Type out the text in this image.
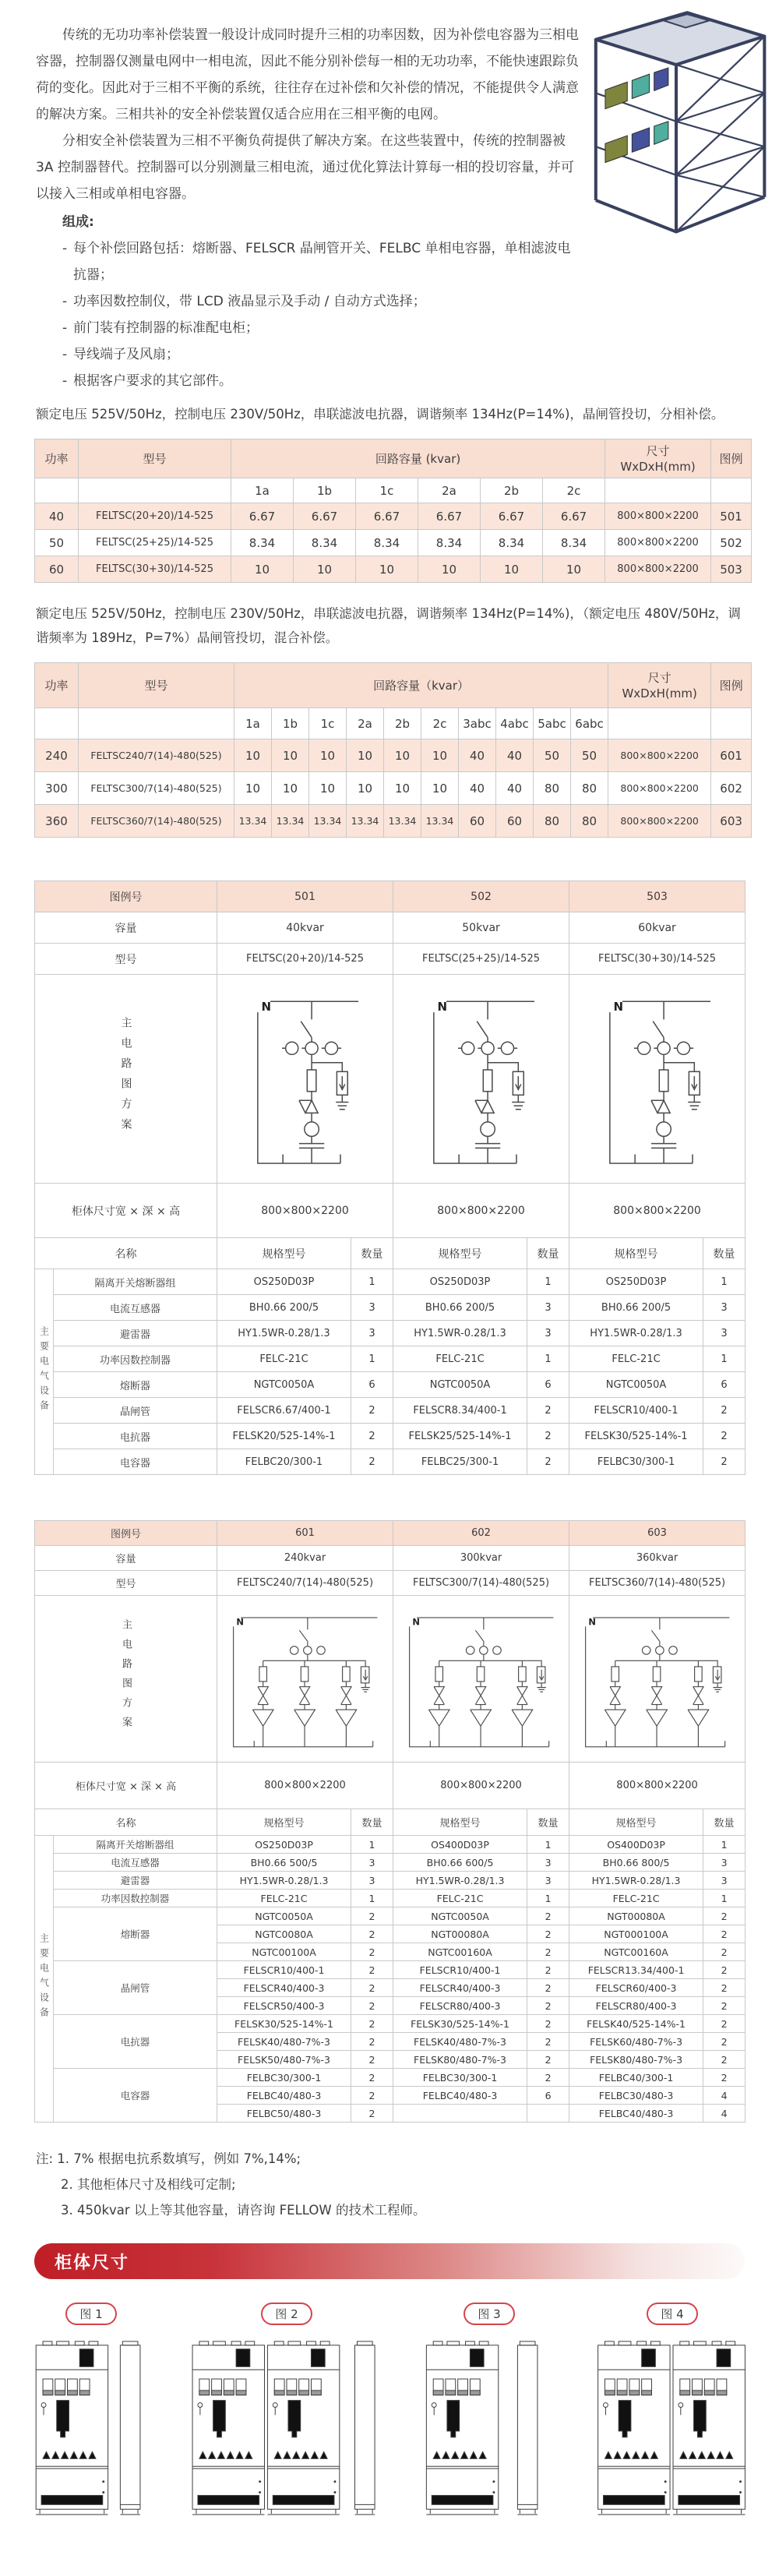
传统的无功功率补偿装置一般设计成同时提升三相的功率因数，因为补偿电容器为三相电容器，控制器仅测量电网中一相电流，因此不能分别补偿每一相的无功功率，不能快速跟踪负荷的变化。因此对于三相不平衡的系统，往往存在过补偿和欠补偿的情况，不能提供令人满意的解决方案。三相共补的安全补偿装置仅适合应用在三相平衡的电网。

分相安全补偿装置为三相不平衡负荷提供了解决方案。在这些装置中，传统的控制器被 3A 控制器替代。控制器可以分别测量三相电流，通过优化算法计算每一相的投切容量，并可以接入三相或单相电容器。

组成:
- 每个补偿回路包括：熔断器、FELSCR 晶闸管开关、FELBC 单相电容器，单相滤波电抗器；
- 功率因数控制仪，带 LCD 液晶显示及手动 / 自动方式选择；
- 前门装有控制器的标准配电柜；
- 导线端子及风扇；
- 根据客户要求的其它部件。
额定电压 525V/50Hz，控制电压 230V/50Hz，串联滤波电抗器，调谐频率 134Hz(P=14%)，晶闸管投切，分相补偿。
功率	型号	回路容量 (kvar)						尺寸
WxDxH(mm)	图例
		1a	1b	1c	2a	2b	2c		
40	FELTSC(20+20)/14-525	6.67	6.67	6.67	6.67	6.67	6.67	800×800×2200	501
50	FELTSC(25+25)/14-525	8.34	8.34	8.34	8.34	8.34	8.34	800×800×2200	502
60	FELTSC(30+30)/14-525	10	10	10	10	10	10	800×800×2200	503
额定电压 525V/50Hz，控制电压 230V/50Hz，串联滤波电抗器，调谐频率 134Hz(P=14%)，（额定电压 480V/50Hz，调谐频率为 189Hz，P=7%）晶闸管投切，混合补偿。
功率	型号	回路容量（kvar）										尺寸
WxDxH(mm)	图例
		1a	1b	1c	2a	2b	2c	3abc	4abc	5abc	6abc		
240	FELTSC240/7(14)-480(525)	10	10	10	10	10	10	40	40	50	50	800×800×2200	601
300	FELTSC300/7(14)-480(525)	10	10	10	10	10	10	40	40	80	80	800×800×2200	602
360	FELTSC360/7(14)-480(525)	13.34	13.34	13.34	13.34	13.34	13.34	60	60	80	80	800×800×2200	603
图例号		501		502		503	
容量		40kvar		50kvar		60kvar	
型号		FELTSC(20+20)/14-525		FELTSC(25+25)/14-525		FELTSC(30+30)/14-525	
主电路图方案	

柜体尺寸宽 × 深 × 高		800×800×2200		800×800×2200		800×800×2200	
名称		规格型号	数量	规格型号	数量	规格型号	数量
主要电气设备	隔离开关熔断器组	OS250D03P	1	OS250D03P	1	OS250D03P	1
	电流互感器	BH0.66 200/5	3	BH0.66 200/5	3	BH0.66 200/5	3
	避雷器	HY1.5WR-0.28/1.3	3	HY1.5WR-0.28/1.3	3	HY1.5WR-0.28/1.3	3
	功率因数控制器	FELC-21C	1	FELC-21C	1	FELC-21C	1
	熔断器	NGTC0050A	6	NGTC0050A	6	NGTC0050A	6
	晶闸管	FELSCR6.67/400-1	2	FELSCR8.34/400-1	2	FELSCR10/400-1	2
	电抗器	FELSK20/525-14%-1	2	FELSK25/525-14%-1	2	FELSK30/525-14%-1	2
	电容器	FELBC20/300-1	2	FELBC25/300-1	2	FELBC30/300-1	2
图例号		601		602		603	
容量		240kvar		300kvar		360kvar	
型号		FELTSC240/7(14)-480(525)		FELTSC300/7(14)-480(525)		FELTSC360/7(14)-480(525)	
主电路图方案	

柜体尺寸宽 × 深 × 高		800×800×2200		800×800×2200		800×800×2200	
名称		规格型号	数量	规格型号	数量	规格型号	数量
主要电气设备	隔离开关熔断器组	OS250D03P	1	OS400D03P	1	OS400D03P	1
	电流互感器	BH0.66 500/5	3	BH0.66 600/5	3	BH0.66 800/5	3
	避雷器	HY1.5WR-0.28/1.3	3	HY1.5WR-0.28/1.3	3	HY1.5WR-0.28/1.3	3
	功率因数控制器	FELC-21C	1	FELC-21C	1	FELC-21C	1
	熔断器	NGTC0050A	2	NGTC0050A	2	NGT00080A	2
		NGTC0080A	2	NGT00080A	2	NGT000100A	2
		NGTC00100A	2	NGTC00160A	2	NGTC00160A	2
	晶闸管	FELSCR10/400-1	2	FELSCR10/400-1	2	FELSCR13.34/400-1	2
		FELSCR40/400-3	2	FELSCR40/400-3	2	FELSCR60/400-3	2
		FELSCR50/400-3	2	FELSCR80/400-3	2	FELSCR80/400-3	2
	电抗器	FELSK30/525-14%-1	2	FELSK30/525-14%-1	2	FELSK40/525-14%-1	2
		FELSK40/480-7%-3	2	FELSK40/480-7%-3	2	FELSK60/480-7%-3	2
		FELSK50/480-7%-3	2	FELSK80/480-7%-3	2	FELSK80/480-7%-3	2
	电容器	FELBC30/300-1	2	FELBC30/300-1	2	FELBC40/300-1	2
		FELBC40/480-3	2	FELBC40/480-3	6	FELBC30/480-3	4
		FELBC50/480-3	2			FELBC40/480-3	4
注: 1. 7% 根据电抗系数填写，例如 7%,14%;
2. 其他柜体尺寸及相线可定制;
3. 450kvar 以上等其他容量，请咨询 FELLOW 的技术工程师。
柜体尺寸
图 1	图 2	图 3	图 4
